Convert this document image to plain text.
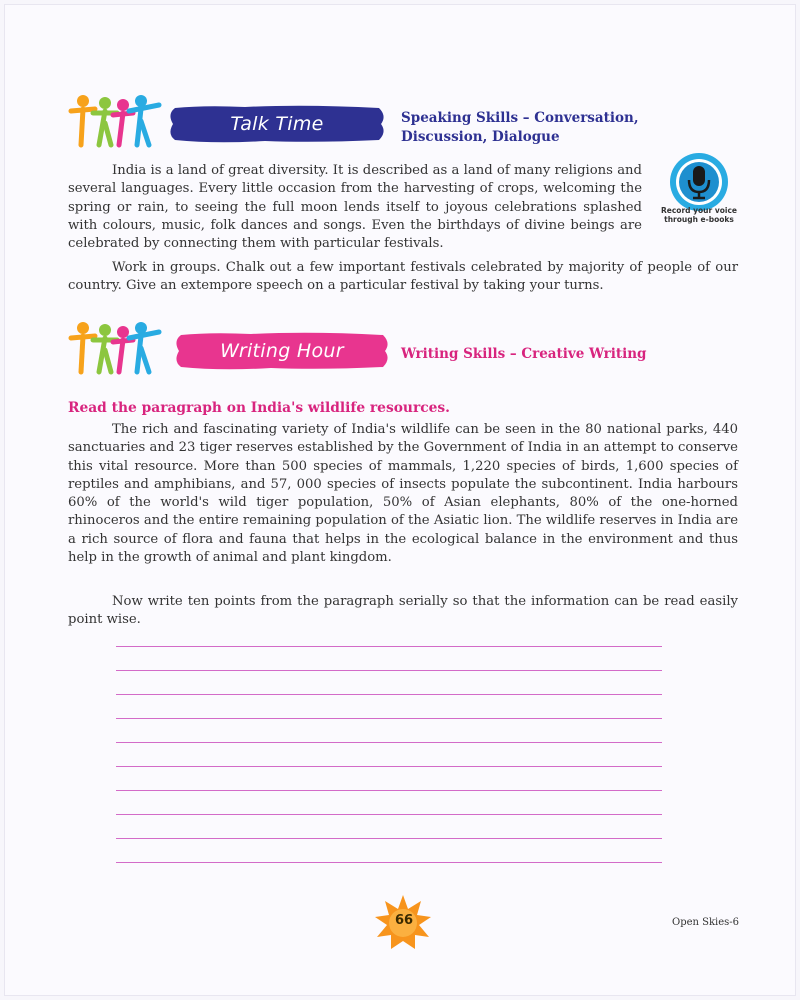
Talk Time	Speaking Skills – Conversation,
Discussion, Dialogue
India is a land of great diversity. It is described as a land of many religions and several languages. Every little occasion from the harvesting of crops, welcoming the spring or rain, to seeing the full moon lends itself to joyous celebrations splashed with colours, music, folk dances and songs. Even the birthdays of divine beings are celebrated by connecting them with particular festivals.
Record your voice
through e-books
Work in groups. Chalk out a few important festivals celebrated by majority of people of our country. Give an extempore speech on a particular festival by taking your turns.
Writing Hour	Writing Skills – Creative Writing
Read the paragraph on India's wildlife resources.
The rich and fascinating variety of India's wildlife can be seen in the 80 national parks, 440 sanctuaries and 23 tiger reserves established by the Government of India in an attempt to conserve this vital resource. More than 500 species of mammals, 1,220 species of birds, 1,600 species of reptiles and amphibians, and 57, 000 species of insects populate the subcontinent. India harbours 60% of the world's wild tiger population, 50% of Asian elephants, 80% of the one-horned rhinoceros and the entire remaining population of the Asiatic lion. The wildlife reserves in India are a rich source of flora and fauna that helps in the ecological balance in the environment and thus help in the growth of animal and plant kingdom.
Now write ten points from the paragraph serially so that the information can be read easily point wise.
66	Open Skies-6
